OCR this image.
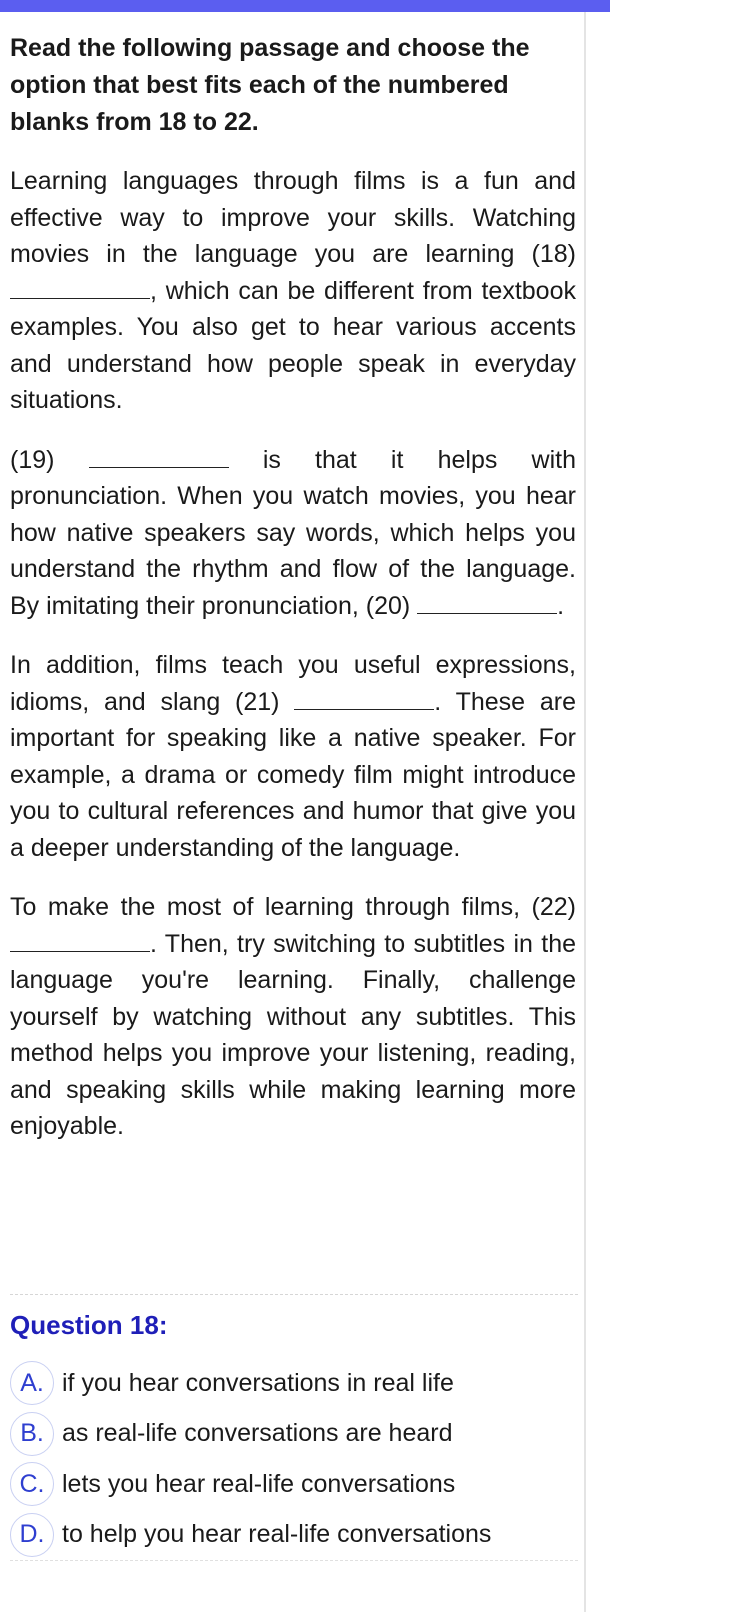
Read the following passage and choose the option that best fits each of the numbered blanks from 18 to 22.
Learning languages through films is a fun and effective way to improve your skills. Watching movies in the language you are learning (18) , which can be different from textbook examples. You also get to hear various accents and understand how people speak in everyday situations.
(19)	is that it helps with pronunciation. When you watch movies, you hear how native speakers say words, which helps you understand the rhythm and flow of the language. By imitating their pronunciation, (20)	.
In addition, films teach you useful expressions, idioms, and slang (21)	. These are important for speaking like a native speaker. For example, a drama or comedy film might introduce you to cultural references and humor that give you a deeper understanding of the language.
To make the most of learning through films, (22) . Then, try switching to subtitles in the language you're learning. Finally, challenge yourself by watching without any subtitles. This method helps you improve your listening, reading, and speaking skills while making learning more enjoyable.
Question 18:
A. if you hear conversations in real life
B. as real-life conversations are heard
C. lets you hear real-life conversations
D. to help you hear real-life conversations
